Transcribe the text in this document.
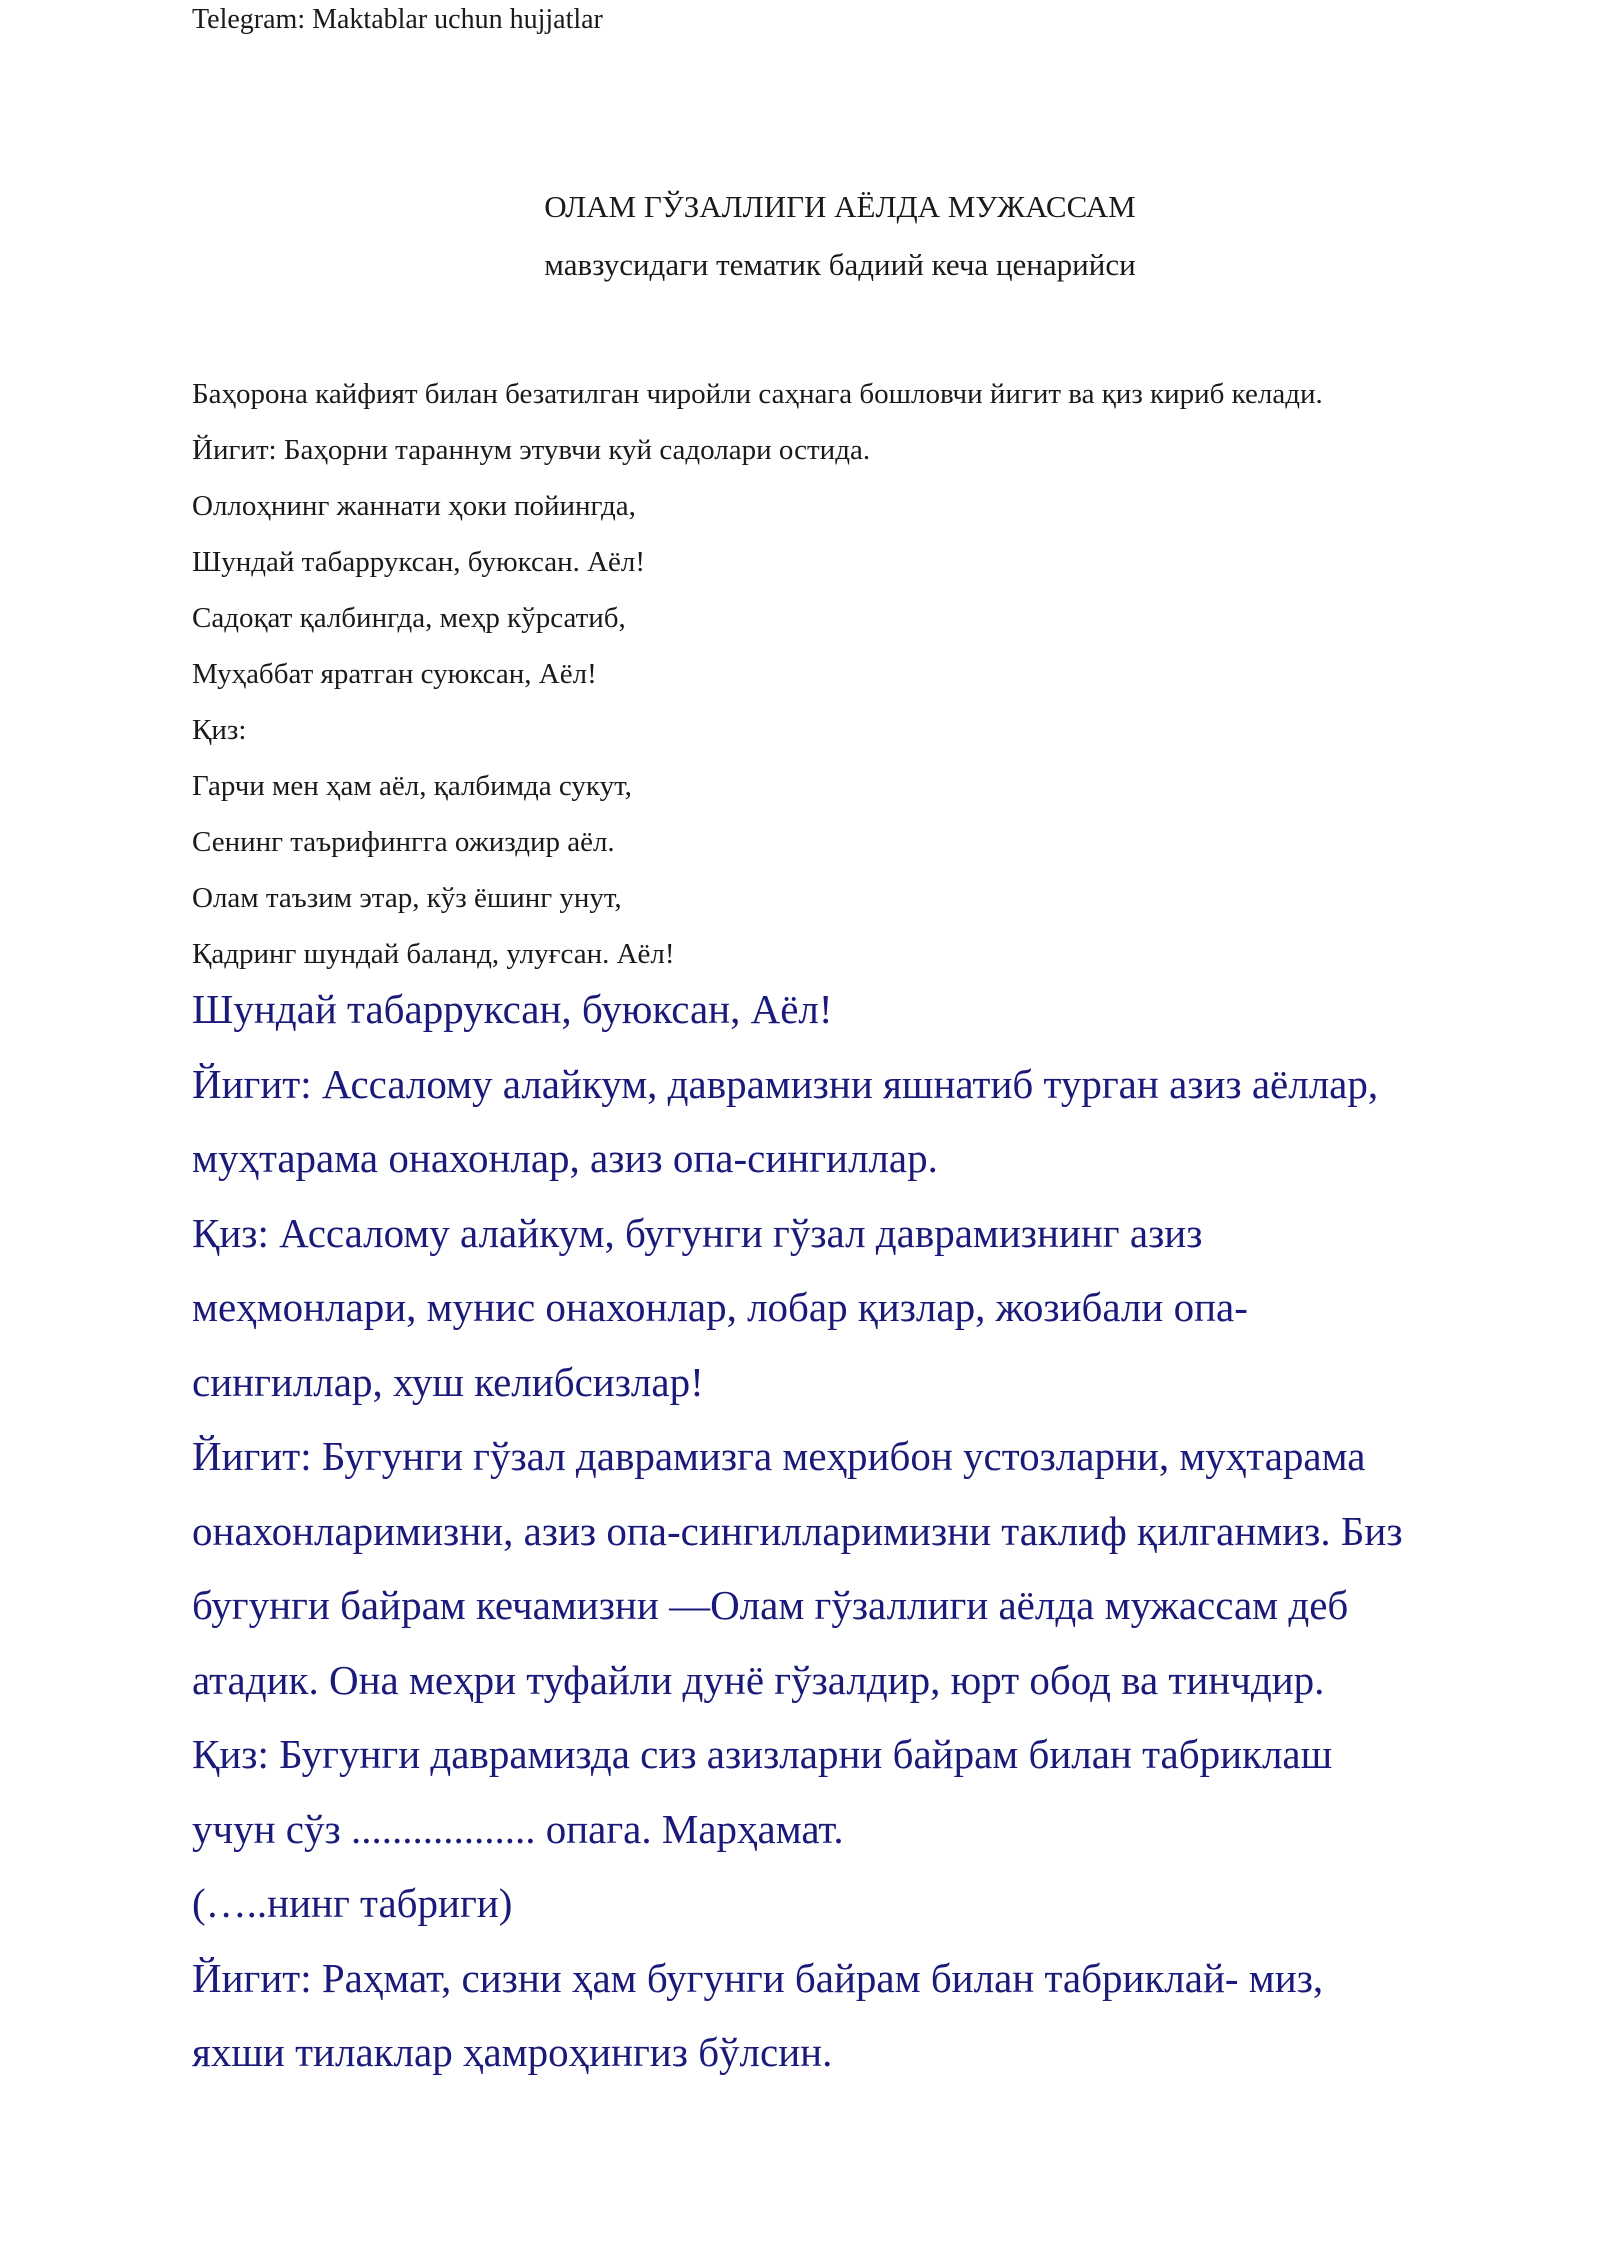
Telegram: Maktablar uchun hujjatlar
ОЛАМ ГЎЗАЛЛИГИ АЁЛДА МУЖАССАМ
мавзусидаги тематик бадиий кеча ценарийси
Баҳорона кайфият билан безатилган чиройли саҳнага бошловчи йигит ва қиз кириб келади.
Йигит: Баҳорни тараннум этувчи куй садолари остида.
Оллоҳнинг жаннати ҳоки пойингда,
Шундай табарруксан, буюксан. Аёл!
Садоқат қалбингда, меҳр кўрсатиб,
Муҳаббат яратган суюксан, Аёл!
Қиз:
Гарчи мен ҳам аёл, қалбимда сукут,
Сенинг таърифингга ожиздир аёл.
Олам таъзим этар, кўз ёшинг унут,
Қадринг шундай баланд, улуғсан. Аёл!
Шундай табарруксан, буюксан, Аёл!
Йигит: Ассалому алайкум, даврамизни яшнатиб турган азиз аёллар,
муҳтарама онахонлар, азиз опа-сингиллар.
Қиз: Ассалому алайкум, бугунги гўзал даврамизнинг азиз
меҳмонлари, мунис онахонлар, лобар қизлар, жозибали опа-
сингиллар, хуш келибсизлар!
Йигит: Бугунги гўзал даврамизга меҳрибон устозларни, муҳтарама
онахонларимизни, азиз опа-сингилларимизни таклиф қилганмиз. Биз
бугунги байрам кечамизни ―Олам гўзаллиги аёлда мужассам деб
атадик. Она меҳри туфайли дунё гўзалдир, юрт обод ва тинчдир.
Қиз: Бугунги даврамизда сиз азизларни байрам билан табриклаш
учун сўз .................. опага. Марҳамат.
(…..нинг табриги)
Йигит: Раҳмат, сизни ҳам бугунги байрам билан табриклай- миз,
яхши тилаклар ҳамроҳингиз бўлсин.
